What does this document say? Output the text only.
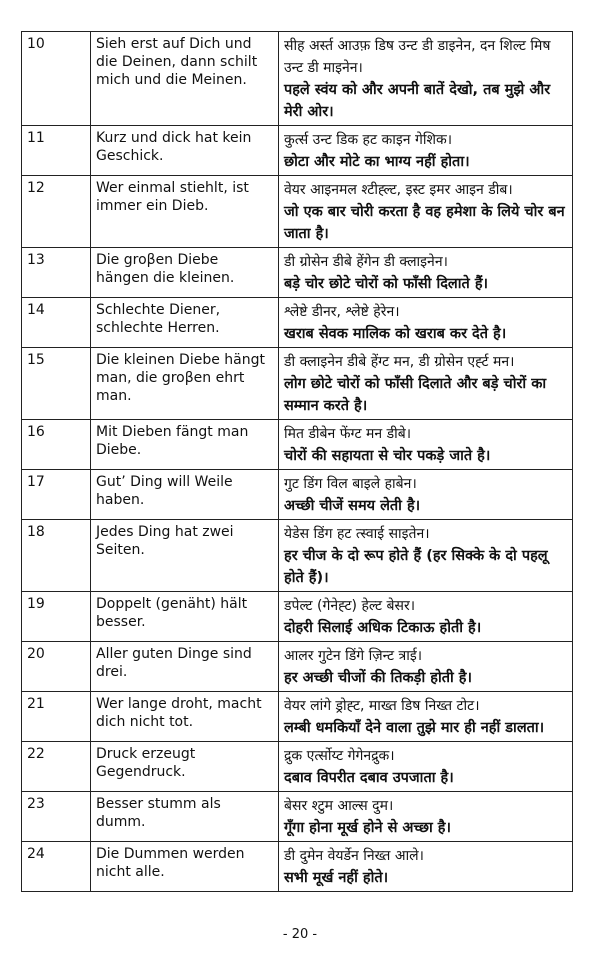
10	Sieh erst auf Dich und die Deinen, dann schilt mich und die Meinen.	सीह अर्स्त आउफ़ डिष उन्ट डी डाइनेन, दन शिल्ट मिष उन्ट डी माइनेन।
पहले स्वंय को और अपनी बातें देखो, तब मुझे और मेरी ओर।

11	Kurz und dick hat kein Geschick.	कुर्त्स उन्ट डिक हट काइन गेशिक।
छोटा और मोटे का भाग्य नहीं होता।

12	Wer einmal stiehlt, ist immer ein Dieb.	वेयर आइनमल श्टीह्ल्ट, इस्ट इमर आइन डीब।
जो एक बार चोरी करता है वह हमेशा के लिये चोर बन जाता है।

13	Die groβen Diebe hängen die kleinen.	डी ग्रोसेन डीबे हेंगेन डी क्लाइनेन।
बड़े चोर छोटे चोरों को फाँसी दिलाते हैं।

14	Schlechte Diener, schlechte Herren.	श्लेष्टे डीनर, श्लेष्टे हेरेन।
खराब सेवक मालिक को खराब कर देते है।

15	Die kleinen Diebe hängt man, die groβen ehrt man.	डी क्लाइनेन डीबे हेंग्ट मन, डी ग्रोसेन एर्ह्ट मन।
लोग छोटे चोरों को फाँसी दिलाते और बड़े चोरों का सम्मान करते है।

16	Mit Dieben fängt man Diebe.	मित डीबेन फेंग्ट मन डीबे।
चोरों की सहायता से चोर पकड़े जाते है।

17	Gut’ Ding will Weile haben.	गुट डिंग विल बाइले हाबेन।
अच्छी चीजें समय लेती है।

18	Jedes Ding hat zwei Seiten.	येडेस डिंग हट त्स्वाई साइतेन।
हर चीज के दो रूप होते हैं (हर सिक्के के दो पहलू होते हैं)।

19	Doppelt (genäht) hält besser.	डपेल्ट (गेनेह्ट) हेल्ट बेसर।
दोहरी सिलाई अधिक टिकाऊ होती है।

20	Aller guten Dinge sind drei.	आलर गुटेन डिंगे ज़िन्ट त्राई।
हर अच्छी चीजों की तिकड़ी होती है।

21	Wer lange droht, macht dich nicht tot.	वेयर लांगे ड्रोह्ट, माख्त डिष निख्त टोट।
लम्बी धमकियाँ देने वाला तुझे मार ही नहीं डालता।

22	Druck erzeugt Gegendruck.	द्रुक एर्त्सोय्ट गेगेनद्रुक।
दबाव विपरीत दबाव उपजाता है।

23	Besser stumm als dumm.	बेसर श्टुम आल्स दुम।
गूँगा होना मूर्ख होने से अच्छा है।

24	Die Dummen werden nicht alle.	डी दुमेन वेयर्डेन निख्त आले।
सभी मूर्ख नहीं होते।
- 20 -
